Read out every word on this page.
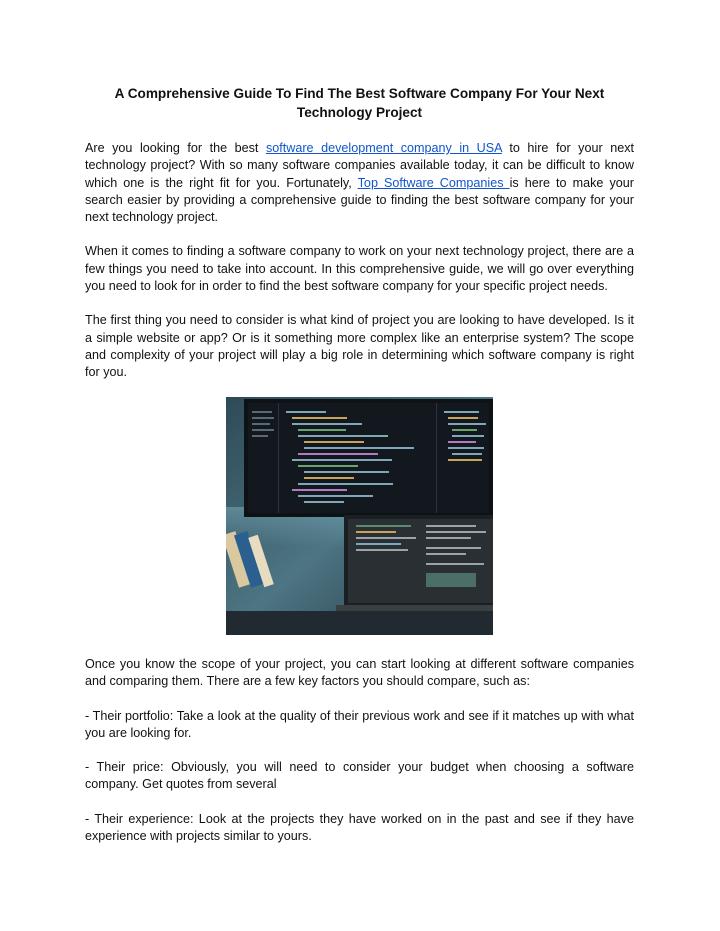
A Comprehensive Guide To Find The Best Software Company For Your Next Technology Project

Are you looking for the best software development company in USA to hire for your next technology project? With so many software companies available today, it can be difficult to know which one is the right fit for you. Fortunately, Top Software Companies is here to make your search easier by providing a comprehensive guide to finding the best software company for your next technology project.

When it comes to finding a software company to work on your next technology project, there are a few things you need to take into account. In this comprehensive guide, we will go over everything you need to look for in order to find the best software company for your specific project needs.

The first thing you need to consider is what kind of project you are looking to have developed. Is it a simple website or app? Or is it something more complex like an enterprise system? The scope and complexity of your project will play a big role in determining which software company is right for you.

Once you know the scope of your project, you can start looking at different software companies and comparing them. There are a few key factors you should compare, such as:

- Their portfolio: Take a look at the quality of their previous work and see if it matches up with what you are looking for.

- Their price: Obviously, you will need to consider your budget when choosing a software company. Get quotes from several

- Their experience: Look at the projects they have worked on in the past and see if they have experience with projects similar to yours.
